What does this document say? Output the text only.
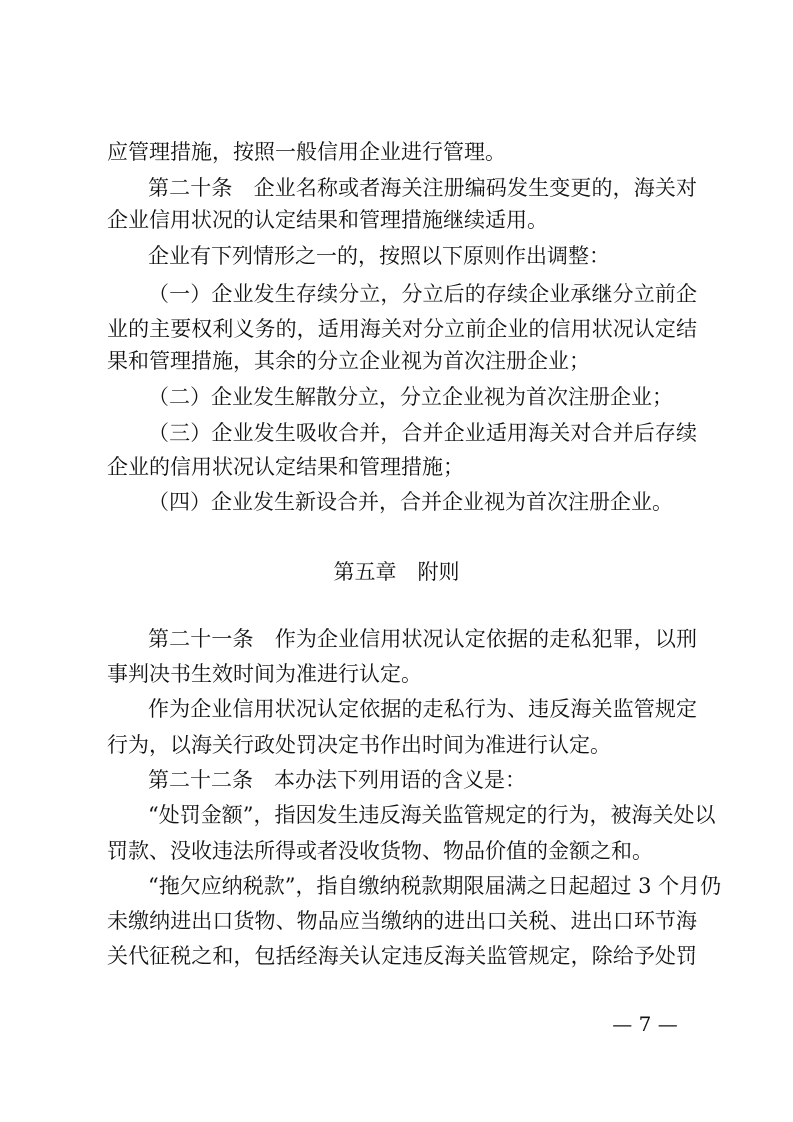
应管理措施，按照一般信用企业进行管理。
第二十条　企业名称或者海关注册编码发生变更的，海关对
企业信用状况的认定结果和管理措施继续适用。
企业有下列情形之一的，按照以下原则作出调整：
（一）企业发生存续分立，分立后的存续企业承继分立前企
业的主要权利义务的，适用海关对分立前企业的信用状况认定结
果和管理措施，其余的分立企业视为首次注册企业；
（二）企业发生解散分立，分立企业视为首次注册企业；
（三）企业发生吸收合并，合并企业适用海关对合并后存续
企业的信用状况认定结果和管理措施；
（四）企业发生新设合并，合并企业视为首次注册企业。
第五章　附则
第二十一条　作为企业信用状况认定依据的走私犯罪，以刑
事判决书生效时间为准进行认定。
作为企业信用状况认定依据的走私行为、违反海关监管规定
行为，以海关行政处罚决定书作出时间为准进行认定。
第二十二条　本办法下列用语的含义是：
“处罚金额”，指因发生违反海关监管规定的行为，被海关处以
罚款、没收违法所得或者没收货物、物品价值的金额之和。
“拖欠应纳税款”，指自缴纳税款期限届满之日起超过 3 个月仍
未缴纳进出口货物、物品应当缴纳的进出口关税、进出口环节海
关代征税之和，包括经海关认定违反海关监管规定，除给予处罚
— 7 —
